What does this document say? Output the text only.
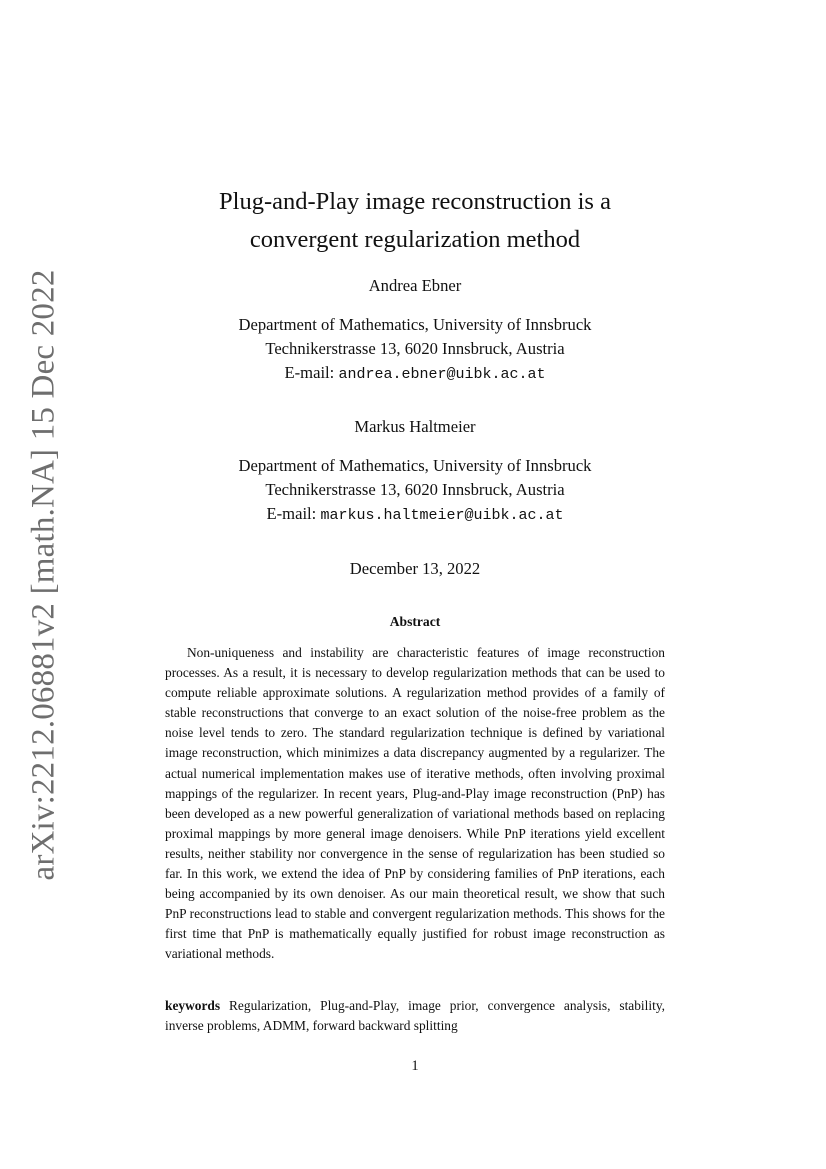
arXiv:2212.06881v2 [math.NA] 15 Dec 2022
Plug-and-Play image reconstruction is a convergent regularization method
Andrea Ebner
Department of Mathematics, University of Innsbruck
Technikerstrasse 13, 6020 Innsbruck, Austria
E-mail: andrea.ebner@uibk.ac.at
Markus Haltmeier
Department of Mathematics, University of Innsbruck
Technikerstrasse 13, 6020 Innsbruck, Austria
E-mail: markus.haltmeier@uibk.ac.at
December 13, 2022
Abstract

Non-uniqueness and instability are characteristic features of image reconstruction processes. As a result, it is necessary to develop regularization methods that can be used to compute reliable approximate solutions. A regularization method provides of a family of stable reconstructions that converge to an exact solution of the noise-free problem as the noise level tends to zero. The standard regularization technique is defined by variational image reconstruction, which minimizes a data discrepancy augmented by a regularizer. The actual numerical implementation makes use of iterative methods, often involving proximal mappings of the regularizer. In recent years, Plug-and-Play image reconstruction (PnP) has been developed as a new powerful generalization of variational methods based on replacing proximal mappings by more general image denoisers. While PnP iterations yield excellent results, neither stability nor convergence in the sense of regularization has been studied so far. In this work, we extend the idea of PnP by considering families of PnP iterations, each being accompanied by its own denoiser. As our main theoretical result, we show that such PnP reconstructions lead to stable and convergent regularization methods. This shows for the first time that PnP is mathematically equally justified for robust image reconstruction as variational methods.

keywords Regularization, Plug-and-Play, image prior, convergence analysis, stability, inverse problems, ADMM, forward backward splitting

1
